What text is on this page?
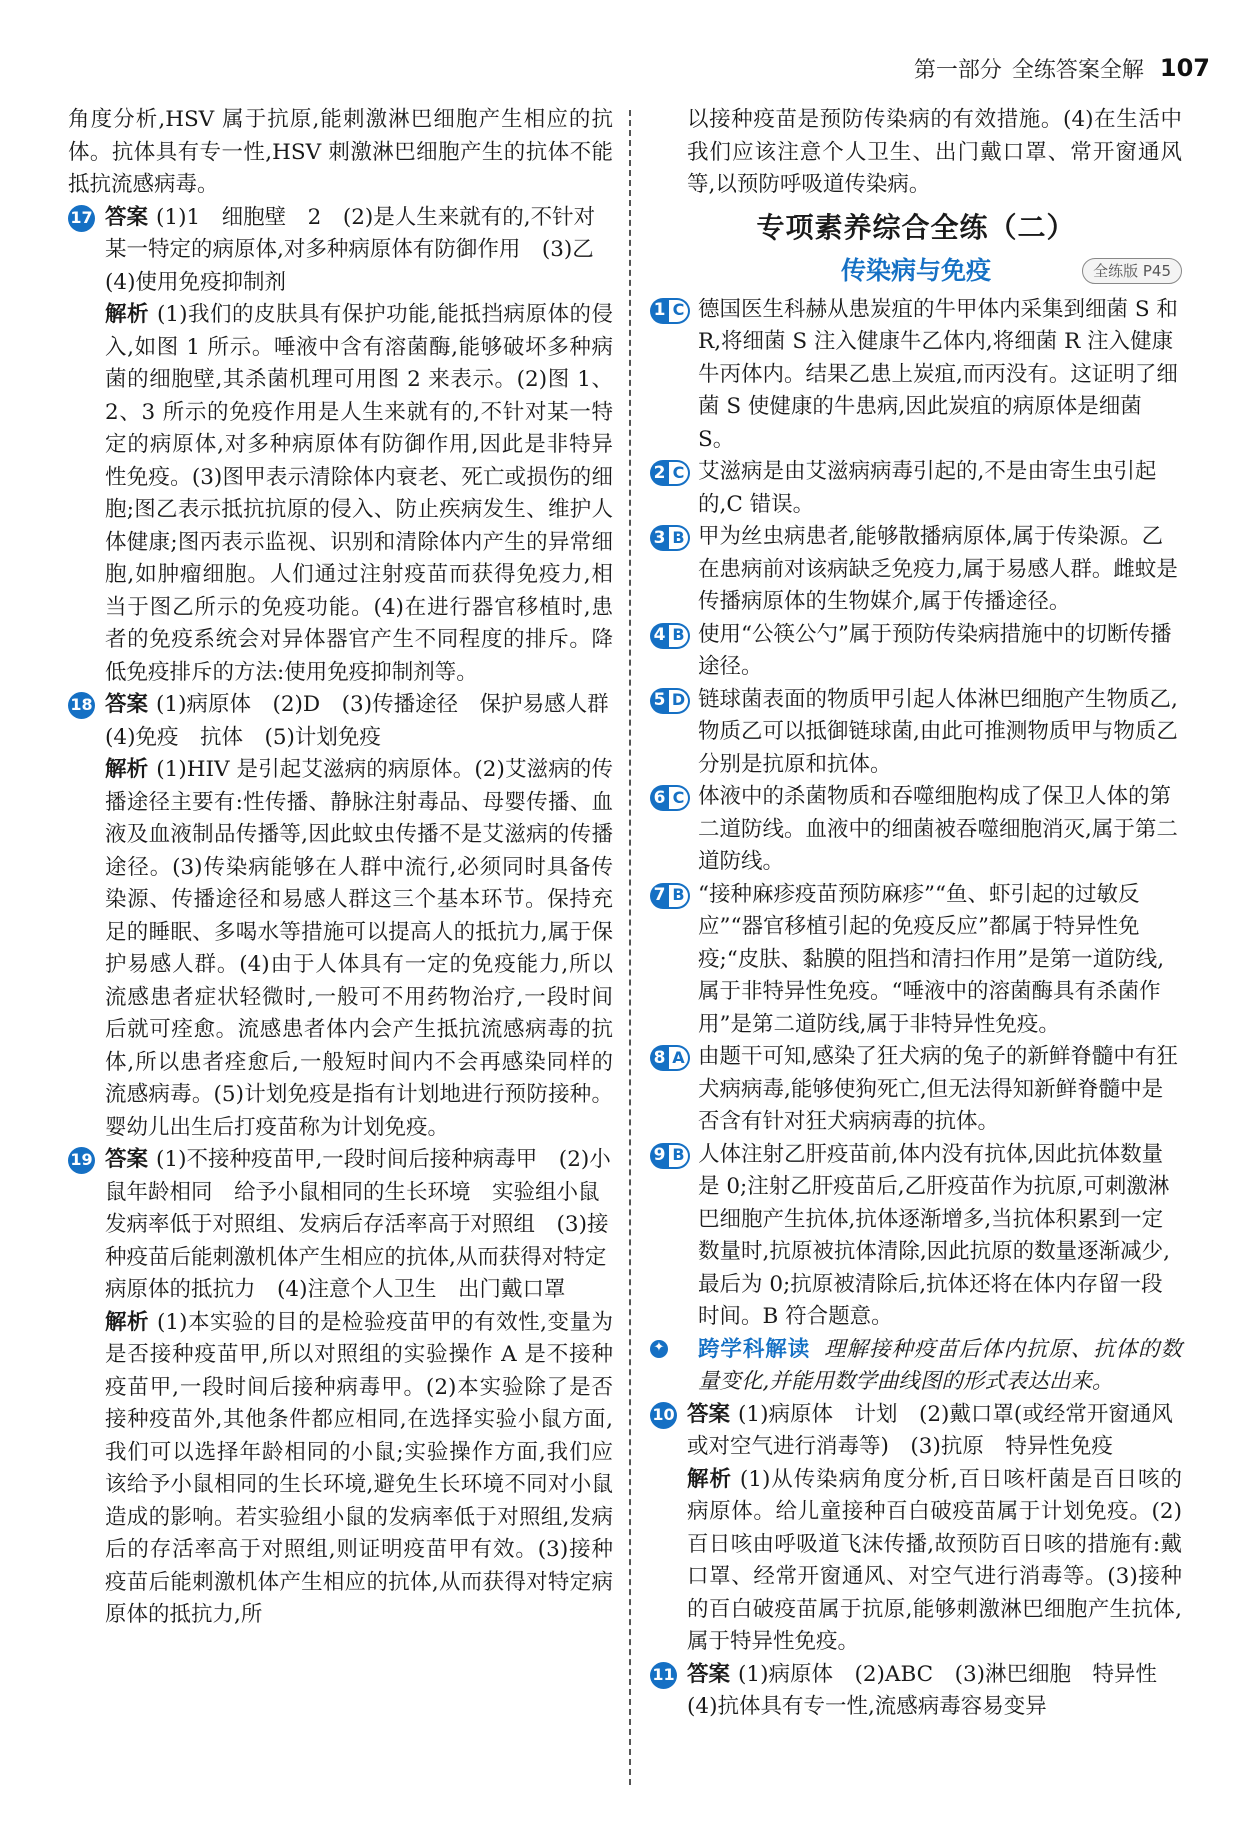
第一部分 全练答案全解 107

角度分析,HSV 属于抗原,能刺激淋巴细胞产生相应的抗体。抗体具有专一性,HSV 刺激淋巴细胞产生的抗体不能抵抗流感病毒。

17 答案 (1)1　细胞壁　2　(2)是人生来就有的,不针对某一特定的病原体,对多种病原体有防御作用　(3)乙　(4)使用免疫抑制剂

解析 (1)我们的皮肤具有保护功能,能抵挡病原体的侵入,如图 1 所示。唾液中含有溶菌酶,能够破坏多种病菌的细胞壁,其杀菌机理可用图 2 来表示。(2)图 1、2、3 所示的免疫作用是人生来就有的,不针对某一特定的病原体,对多种病原体有防御作用,因此是非特异性免疫。(3)图甲表示清除体内衰老、死亡或损伤的细胞;图乙表示抵抗抗原的侵入、防止疾病发生、维护人体健康;图丙表示监视、识别和清除体内产生的异常细胞,如肿瘤细胞。人们通过注射疫苗而获得免疫力,相当于图乙所示的免疫功能。(4)在进行器官移植时,患者的免疫系统会对异体器官产生不同程度的排斥。降低免疫排斥的方法:使用免疫抑制剂等。

18 答案 (1)病原体　(2)D　(3)传播途径　保护易感人群　(4)免疫　抗体　(5)计划免疫

解析 (1)HIV 是引起艾滋病的病原体。(2)艾滋病的传播途径主要有:性传播、静脉注射毒品、母婴传播、血液及血液制品传播等,因此蚊虫传播不是艾滋病的传播途径。(3)传染病能够在人群中流行,必须同时具备传染源、传播途径和易感人群这三个基本环节。保持充足的睡眠、多喝水等措施可以提高人的抵抗力,属于保护易感人群。(4)由于人体具有一定的免疫能力,所以流感患者症状轻微时,一般可不用药物治疗,一段时间后就可痊愈。流感患者体内会产生抵抗流感病毒的抗体,所以患者痊愈后,一般短时间内不会再感染同样的流感病毒。(5)计划免疫是指有计划地进行预防接种。婴幼儿出生后打疫苗称为计划免疫。

19 答案 (1)不接种疫苗甲,一段时间后接种病毒甲　(2)小鼠年龄相同　给予小鼠相同的生长环境　实验组小鼠发病率低于对照组、发病后存活率高于对照组　(3)接种疫苗后能刺激机体产生相应的抗体,从而获得对特定病原体的抵抗力　(4)注意个人卫生　出门戴口罩

解析 (1)本实验的目的是检验疫苗甲的有效性,变量为是否接种疫苗甲,所以对照组的实验操作 A 是不接种疫苗甲,一段时间后接种病毒甲。(2)本实验除了是否接种疫苗外,其他条件都应相同,在选择实验小鼠方面,我们可以选择年龄相同的小鼠;实验操作方面,我们应该给予小鼠相同的生长环境,避免生长环境不同对小鼠造成的影响。若实验组小鼠的发病率低于对照组,发病后的存活率高于对照组,则证明疫苗甲有效。(3)接种疫苗后能刺激机体产生相应的抗体,从而获得对特定病原体的抵抗力,所

以接种疫苗是预防传染病的有效措施。(4)在生活中我们应该注意个人卫生、出门戴口罩、常开窗通风等,以预防呼吸道传染病。

专项素养综合全练（二）
传染病与免疫	全练版 P45
1 C 德国医生科赫从患炭疽的牛甲体内采集到细菌 S 和 R,将细菌 S 注入健康牛乙体内,将细菌 R 注入健康牛丙体内。结果乙患上炭疽,而丙没有。这证明了细菌 S 使健康的牛患病,因此炭疽的病原体是细菌 S。
2 C 艾滋病是由艾滋病病毒引起的,不是由寄生虫引起的,C 错误。
3 B 甲为丝虫病患者,能够散播病原体,属于传染源。乙在患病前对该病缺乏免疫力,属于易感人群。雌蚊是传播病原体的生物媒介,属于传播途径。
4 B 使用“公筷公勺”属于预防传染病措施中的切断传播途径。
5 D 链球菌表面的物质甲引起人体淋巴细胞产生物质乙,物质乙可以抵御链球菌,由此可推测物质甲与物质乙分别是抗原和抗体。
6 C 体液中的杀菌物质和吞噬细胞构成了保卫人体的第二道防线。血液中的细菌被吞噬细胞消灭,属于第二道防线。
7 B “接种麻疹疫苗预防麻疹”“鱼、虾引起的过敏反应”“器官移植引起的免疫反应”都属于特异性免疫;“皮肤、黏膜的阻挡和清扫作用”是第一道防线,属于非特异性免疫。“唾液中的溶菌酶具有杀菌作用”是第二道防线,属于非特异性免疫。
8 A 由题干可知,感染了狂犬病的兔子的新鲜脊髓中有狂犬病病毒,能够使狗死亡,但无法得知新鲜脊髓中是否含有针对狂犬病病毒的抗体。
9 B 人体注射乙肝疫苗前,体内没有抗体,因此抗体数量是 0;注射乙肝疫苗后,乙肝疫苗作为抗原,可刺激淋巴细胞产生抗体,抗体逐渐增多,当抗体积累到一定数量时,抗原被抗体清除,因此抗原的数量逐渐减少,最后为 0;抗原被清除后,抗体还将在体内存留一段时间。B 符合题意。

✦ 跨学科解读 理解接种疫苗后体内抗原、抗体的数量变化,并能用数学曲线图的形式表达出来。

10 答案 (1)病原体　计划　(2)戴口罩(或经常开窗通风或对空气进行消毒等)　(3)抗原　特异性免疫

解析 (1)从传染病角度分析,百日咳杆菌是百日咳的病原体。给儿童接种百白破疫苗属于计划免疫。(2)百日咳由呼吸道飞沫传播,故预防百日咳的措施有:戴口罩、经常开窗通风、对空气进行消毒等。(3)接种的百白破疫苗属于抗原,能够刺激淋巴细胞产生抗体,属于特异性免疫。

11 答案 (1)病原体　(2)ABC　(3)淋巴细胞　特异性　(4)抗体具有专一性,流感病毒容易变异
